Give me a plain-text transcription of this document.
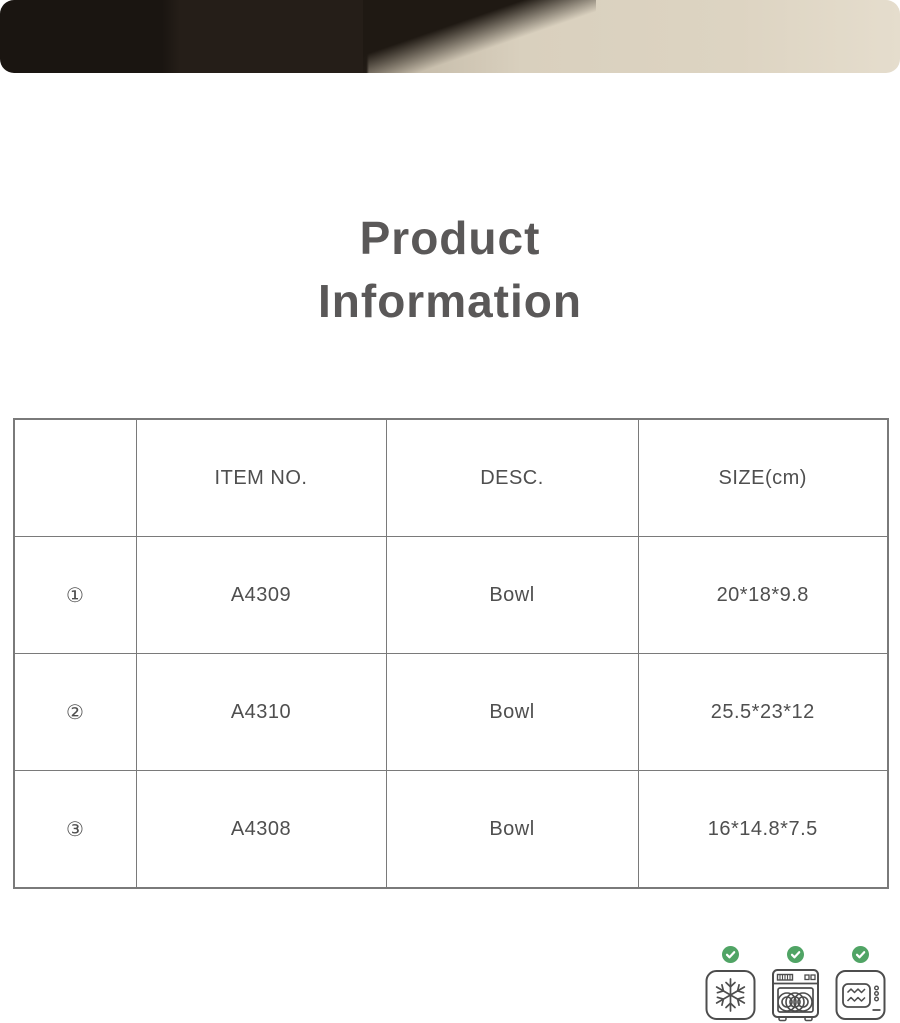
Product
Information
	ITEM NO.	DESC.	SIZE(cm)
①	A4309	Bowl	20*18*9.8
②	A4310	Bowl	25.5*23*12
③	A4308	Bowl	16*14.8*7.5
